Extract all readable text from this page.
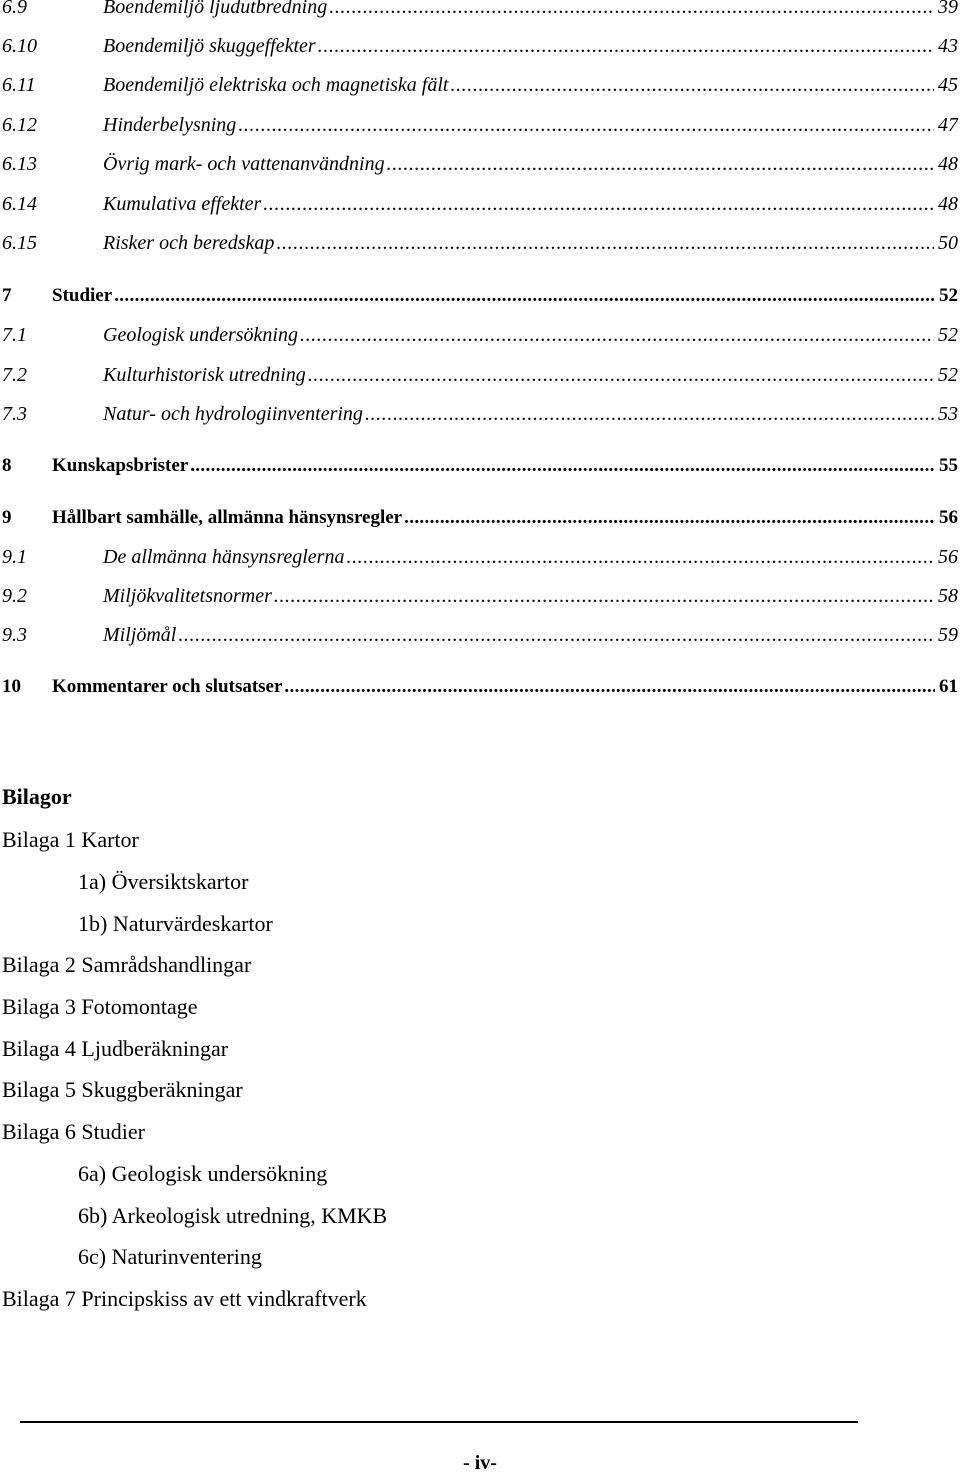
6.9	Boendemiljö ljudutbredning . . .	39
6.10	Boendemiljö skuggeffekter . . .	43
6.11	Boendemiljö elektriska och magnetiska fält . . .	45
6.12	Hinderbelysning . . .	47
6.13	Övrig mark- och vattenanvändning . . .	48
6.14	Kumulativa effekter . . .	48
6.15	Risker och beredskap . . .	50
7	Studier . . .	52
7.1	Geologisk undersökning . . .	52
7.2	Kulturhistorisk utredning . . .	52
7.3	Natur- och hydrologiinventering . . .	53
8	Kunskapsbrister . . .	55
9	Hållbart samhälle, allmänna hänsynsregler . . .	56
9.1	De allmänna hänsynsreglerna . . .	56
9.2	Miljökvalitetsnormer . . .	58
9.3	Miljömål . . .	59
10	Kommentarer och slutsatser . . .	61
Bilagor
Bilaga 1 Kartor
1a) Översiktskartor
1b) Naturvärdeskartor
Bilaga 2 Samrådshandlingar
Bilaga 3 Fotomontage
Bilaga 4 Ljudberäkningar
Bilaga 5 Skuggberäkningar
Bilaga 6 Studier
6a) Geologisk undersökning
6b) Arkeologisk utredning, KMKB
6c) Naturinventering
Bilaga 7 Principskiss av ett vindkraftverk
- iv-
